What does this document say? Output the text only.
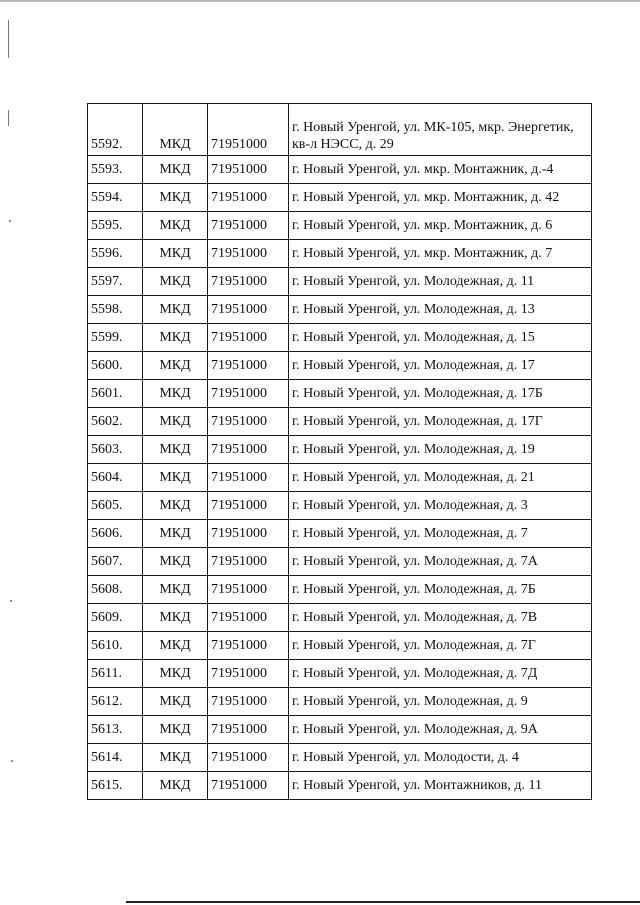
5592.	МКД	71951000	г. Новый Уренгой, ул. МК-105, мкр. Энергетик, кв-л НЭСС, д. 29
5593.	МКД	71951000	г. Новый Уренгой, ул. мкр. Монтажник, д.-4
5594.	МКД	71951000	г. Новый Уренгой, ул. мкр. Монтажник, д. 42
5595.	МКД	71951000	г. Новый Уренгой, ул. мкр. Монтажник, д. 6
5596.	МКД	71951000	г. Новый Уренгой, ул. мкр. Монтажник, д. 7
5597.	МКД	71951000	г. Новый Уренгой, ул. Молодежная, д. 11
5598.	МКД	71951000	г. Новый Уренгой, ул. Молодежная, д. 13
5599.	МКД	71951000	г. Новый Уренгой, ул. Молодежная, д. 15
5600.	МКД	71951000	г. Новый Уренгой, ул. Молодежная, д. 17
5601.	МКД	71951000	г. Новый Уренгой, ул. Молодежная, д. 17Б
5602.	МКД	71951000	г. Новый Уренгой, ул. Молодежная, д. 17Г
5603.	МКД	71951000	г. Новый Уренгой, ул. Молодежная, д. 19
5604.	МКД	71951000	г. Новый Уренгой, ул. Молодежная, д. 21
5605.	МКД	71951000	г. Новый Уренгой, ул. Молодежная, д. 3
5606.	МКД	71951000	г. Новый Уренгой, ул. Молодежная, д. 7
5607.	МКД	71951000	г. Новый Уренгой, ул. Молодежная, д. 7А
5608.	МКД	71951000	г. Новый Уренгой, ул. Молодежная, д. 7Б
5609.	МКД	71951000	г. Новый Уренгой, ул. Молодежная, д. 7В
5610.	МКД	71951000	г. Новый Уренгой, ул. Молодежная, д. 7Г
5611.	МКД	71951000	г. Новый Уренгой, ул. Молодежная, д. 7Д
5612.	МКД	71951000	г. Новый Уренгой, ул. Молодежная, д. 9
5613.	МКД	71951000	г. Новый Уренгой, ул. Молодежная, д. 9А
5614.	МКД	71951000	г. Новый Уренгой, ул. Молодости, д. 4
5615.	МКД	71951000	г. Новый Уренгой, ул. Монтажников, д. 11
